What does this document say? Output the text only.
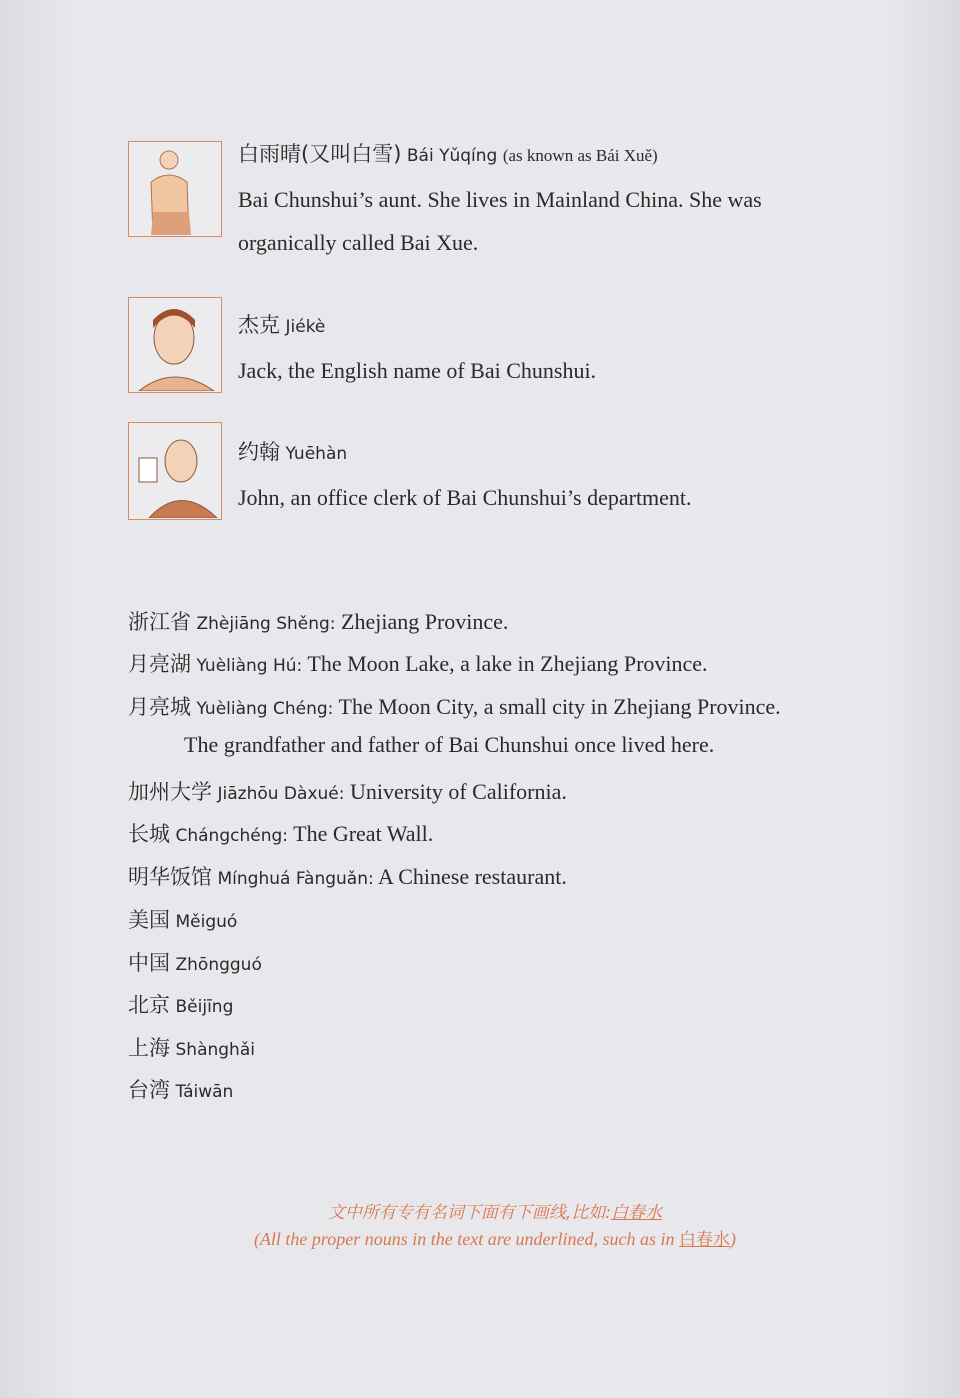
白雨晴(又叫白雪) Bái Yǔqíng (as known as Bái Xuě)
Bai Chunshui’s aunt. She lives in Mainland China. She was
organically called Bai Xue.
杰克 Jiékè
Jack, the English name of Bai Chunshui.
约翰 Yuēhàn
John, an office clerk of Bai Chunshui’s department.
浙江省 Zhèjiāng Shěng: Zhejiang Province.
月亮湖 Yuèliàng Hú: The Moon Lake, a lake in Zhejiang Province.
月亮城 Yuèliàng Chéng: The Moon City, a small city in Zhejiang Province.
The grandfather and father of Bai Chunshui once lived here.
加州大学 Jiāzhōu Dàxué: University of California.
长城 Chángchéng: The Great Wall.
明华饭馆 Mínghuá Fànguǎn: A Chinese restaurant.
美国 Měiguó
中国 Zhōngguó
北京 Běijīng
上海 Shànghǎi
台湾 Táiwān
文中所有专有名词下面有下画线,比如:白春水
(All the proper nouns in the text are underlined, such as in 白春水)
